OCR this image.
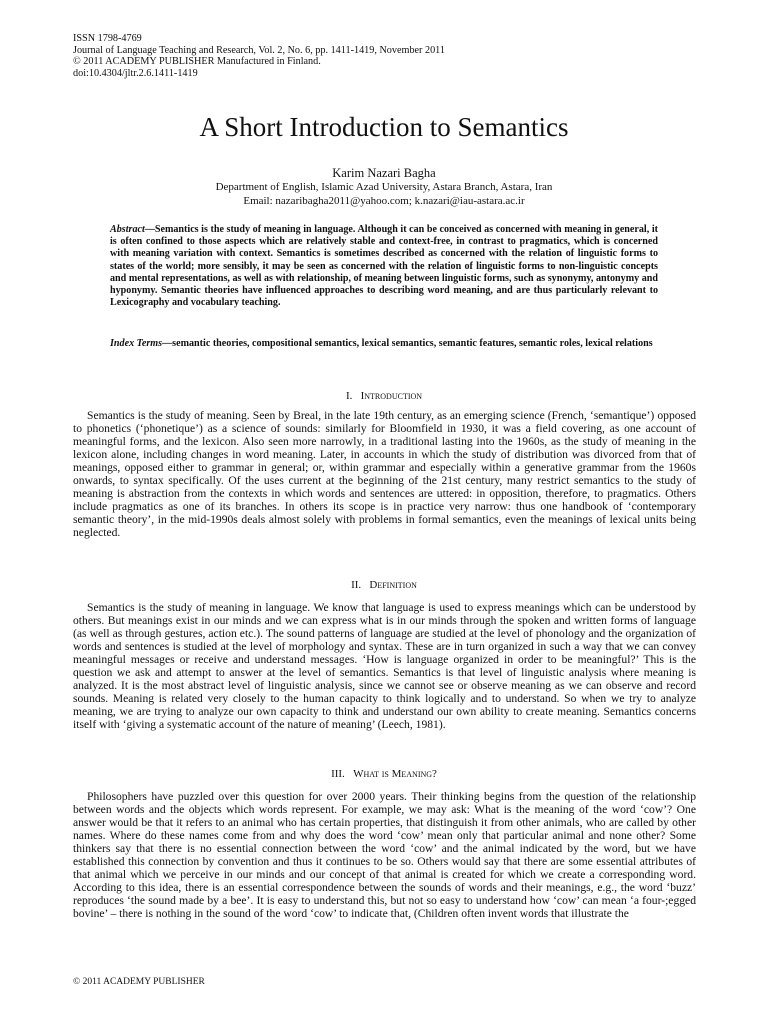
ISSN 1798-4769
Journal of Language Teaching and Research, Vol. 2, No. 6, pp. 1411-1419, November 2011
© 2011 ACADEMY PUBLISHER Manufactured in Finland.
doi:10.4304/jltr.2.6.1411-1419
A Short Introduction to Semantics
Karim Nazari Bagha
Department of English, Islamic Azad University, Astara Branch, Astara, Iran
Email: nazaribagha2011@yahoo.com; k.nazari@iau-astara.ac.ir

Abstract—Semantics is the study of meaning in language. Although it can be conceived as concerned with meaning in general, it is often confined to those aspects which are relatively stable and context-free, in contrast to pragmatics, which is concerned with meaning variation with context. Semantics is sometimes described as concerned with the relation of linguistic forms to states of the world; more sensibly, it may be seen as concerned with the relation of linguistic forms to non-linguistic concepts and mental representations, as well as with relationship, of meaning between linguistic forms, such as synonymy, antonymy and hyponymy. Semantic theories have influenced approaches to describing word meaning, and are thus particularly relevant to Lexicography and vocabulary teaching.

Index Terms—semantic theories, compositional semantics, lexical semantics, semantic features, semantic roles, lexical relations

I. Introduction

Semantics is the study of meaning. Seen by Breal, in the late 19th century, as an emerging science (French, ‘semantique’) opposed to phonetics (‘phonetique’) as a science of sounds: similarly for Bloomfield in 1930, it was a field covering, as one account of meaningful forms, and the lexicon. Also seen more narrowly, in a traditional lasting into the 1960s, as the study of meaning in the lexicon alone, including changes in word meaning. Later, in accounts in which the study of distribution was divorced from that of meanings, opposed either to grammar in general; or, within grammar and especially within a generative grammar from the 1960s onwards, to syntax specifically. Of the uses current at the beginning of the 21st century, many restrict semantics to the study of meaning is abstraction from the contexts in which words and sentences are uttered: in opposition, therefore, to pragmatics. Others include pragmatics as one of its branches. In others its scope is in practice very narrow: thus one handbook of ‘contemporary semantic theory’, in the mid-1990s deals almost solely with problems in formal semantics, even the meanings of lexical units being neglected.

II. Definition

Semantics is the study of meaning in language. We know that language is used to express meanings which can be understood by others. But meanings exist in our minds and we can express what is in our minds through the spoken and written forms of language (as well as through gestures, action etc.). The sound patterns of language are studied at the level of phonology and the organization of words and sentences is studied at the level of morphology and syntax. These are in turn organized in such a way that we can convey meaningful messages or receive and understand messages. ‘How is language organized in order to be meaningful?’ This is the question we ask and attempt to answer at the level of semantics. Semantics is that level of linguistic analysis where meaning is analyzed. It is the most abstract level of linguistic analysis, since we cannot see or observe meaning as we can observe and record sounds. Meaning is related very closely to the human capacity to think logically and to understand. So when we try to analyze meaning, we are trying to analyze our own capacity to think and understand our own ability to create meaning. Semantics concerns itself with ‘giving a systematic account of the nature of meaning’ (Leech, 1981).

III. What is Meaning?

Philosophers have puzzled over this question for over 2000 years. Their thinking begins from the question of the relationship between words and the objects which words represent. For example, we may ask: What is the meaning of the word ‘cow’? One answer would be that it refers to an animal who has certain properties, that distinguish it from other animals, who are called by other names. Where do these names come from and why does the word ‘cow’ mean only that particular animal and none other? Some thinkers say that there is no essential connection between the word ‘cow’ and the animal indicated by the word, but we have established this connection by convention and thus it continues to be so. Others would say that there are some essential attributes of that animal which we perceive in our minds and our concept of that animal is created for which we create a corresponding word. According to this idea, there is an essential correspondence between the sounds of words and their meanings, e.g., the word ‘buzz’ reproduces ‘the sound made by a bee’. It is easy to understand this, but not so easy to understand how ‘cow’ can mean ‘a four-;egged bovine’ – there is nothing in the sound of the word ‘cow’ to indicate that, (Children often invent words that illustrate the

© 2011 ACADEMY PUBLISHER
